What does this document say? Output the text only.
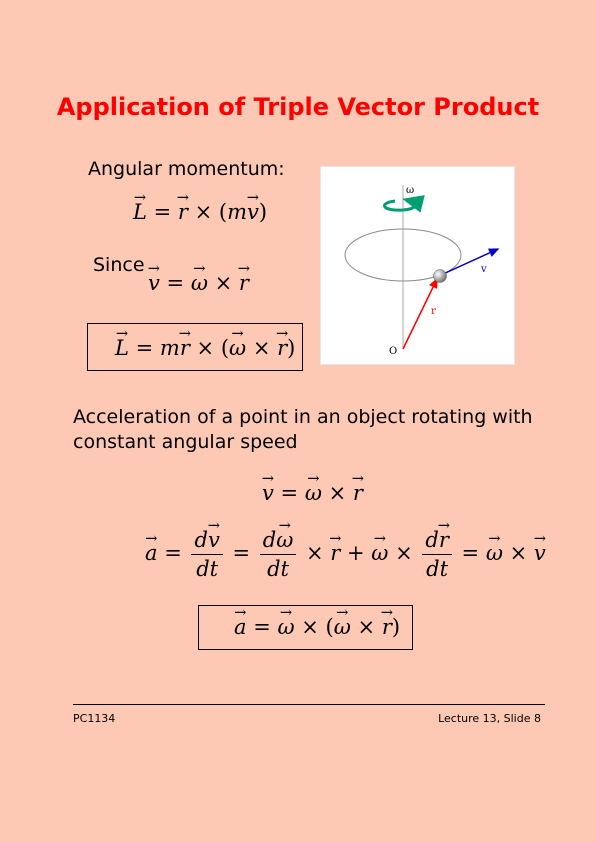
Application of Triple Vector Product
Angular momentum:
→ L = → r × (m→ v)
Since
→ v = → ω × → r
→ L = m→ r × (→ ω × → r)
ω
v
r
O
Acceleration of a point in an object rotating with
constant angular speed
→ v = → ω × → r
→ $a = \frac{d\to v}{dt} = \frac{d\to \omega}{dt}$ × → r + → $\omega \times \frac{d\to r}{dt}$ = → ω × → v
→ a = → ω × (→ ω × → r)
PC1134	Lecture 13, Slide 8
